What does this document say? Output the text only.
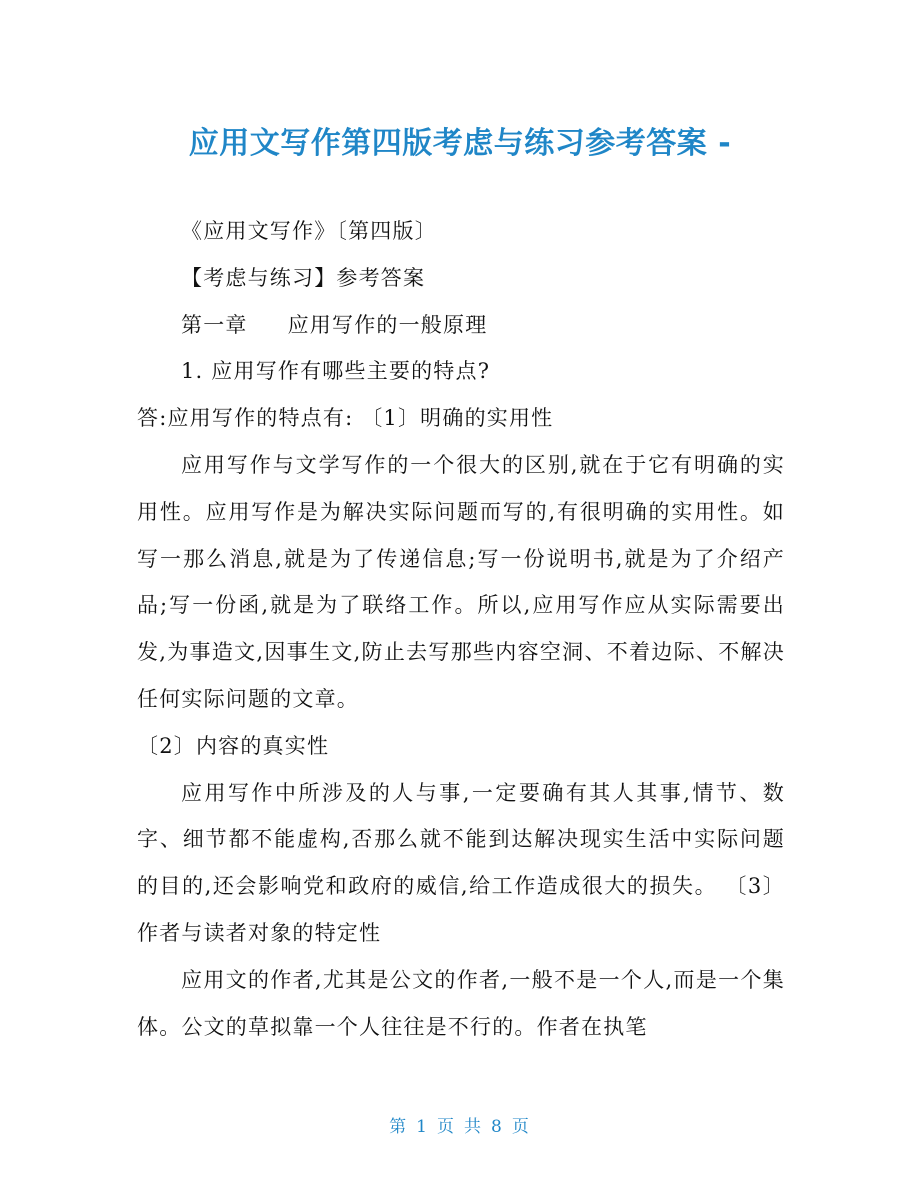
应用文写作第四版考虑与练习参考答案 -

《应用文写作》〔第四版〕

【考虑与练习】参考答案

第一章 应用写作的一般原理

1. 应用写作有哪些主要的特点?

答:应用写作的特点有: 〔1〕明确的实用性

应用写作与文学写作的一个很大的区别,就在于它有明确的实用性。应用写作是为解决实际问题而写的,有很明确的实用性。如写一那么消息,就是为了传递信息;写一份说明书,就是为了介绍产品;写一份函,就是为了联络工作。所以,应用写作应从实际需要出发,为事造文,因事生文,防止去写那些内容空洞、不着边际、不解决任何实际问题的文章。

〔2〕内容的真实性

应用写作中所涉及的人与事,一定要确有其人其事,情节、数字、细节都不能虚构,否那么就不能到达解决现实生活中实际问题的目的,还会影响党和政府的威信,给工作造成很大的损失。 〔3〕作者与读者对象的特定性

应用文的作者,尤其是公文的作者,一般不是一个人,而是一个集体。公文的草拟靠一个人往往是不行的。作者在执笔

第 1 页 共 8 页
